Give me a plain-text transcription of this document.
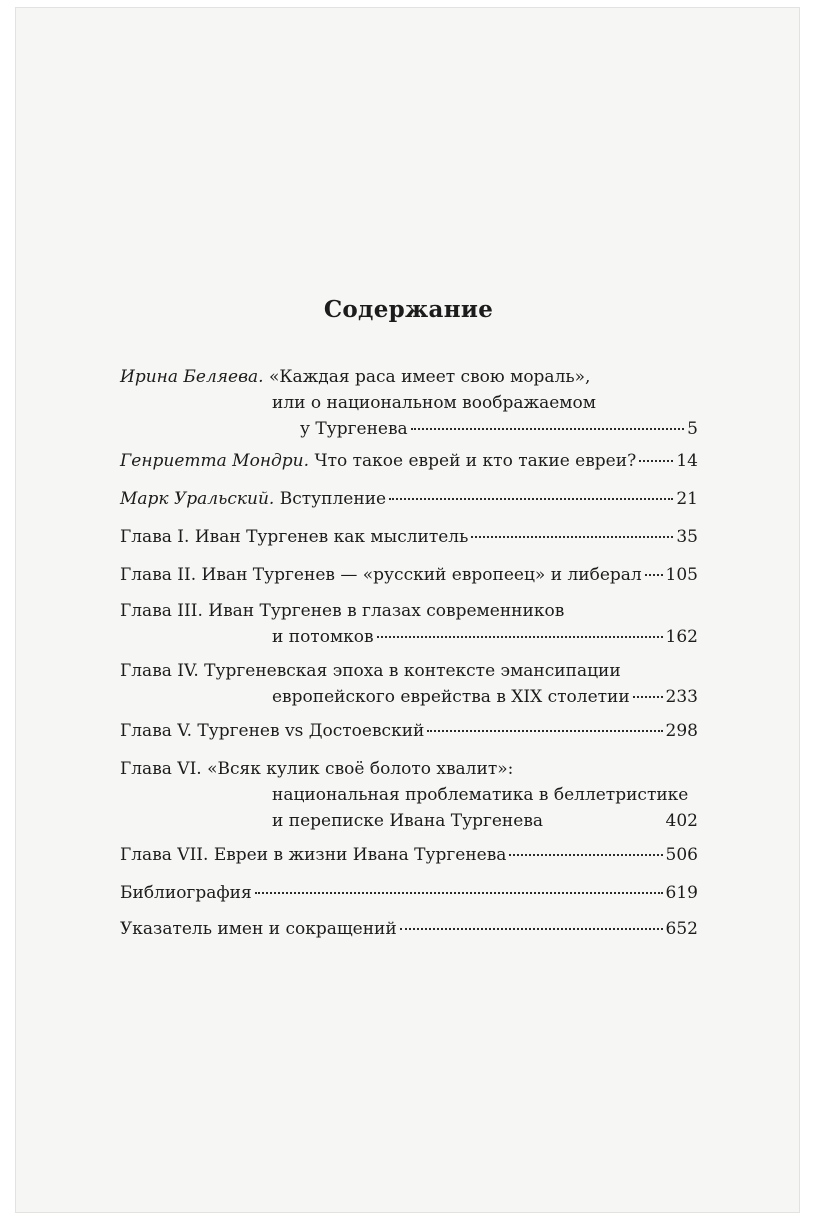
Содержание
Ирина Беляева. «Каждая раса имеет свою мораль»,
или о национальном воображаемом
у Тургенева	5
Генриетта Мондри. Что такое еврей и кто такие евреи? 14
Марк Уральский. Вступление	21
Глава I. Иван Тургенев как мыслитель	35
Глава II. Иван Тургенев — «русский европеец» и либерал 105
Глава III. Иван Тургенев в глазах современников
и потомков	162
Глава IV. Тургеневская эпоха в контексте эмансипации
европейского еврейства в XIX столетии 233
Глава V. Тургенев vs Достоевский	298
Глава VI. «Всяк кулик своё болото хвалит»:
национальная проблематика в беллетристике
и переписке Ивана Тургенева	402
Глава VII. Евреи в жизни Ивана Тургенева	506
Библиография	619
Указатель имен и сокращений	652
